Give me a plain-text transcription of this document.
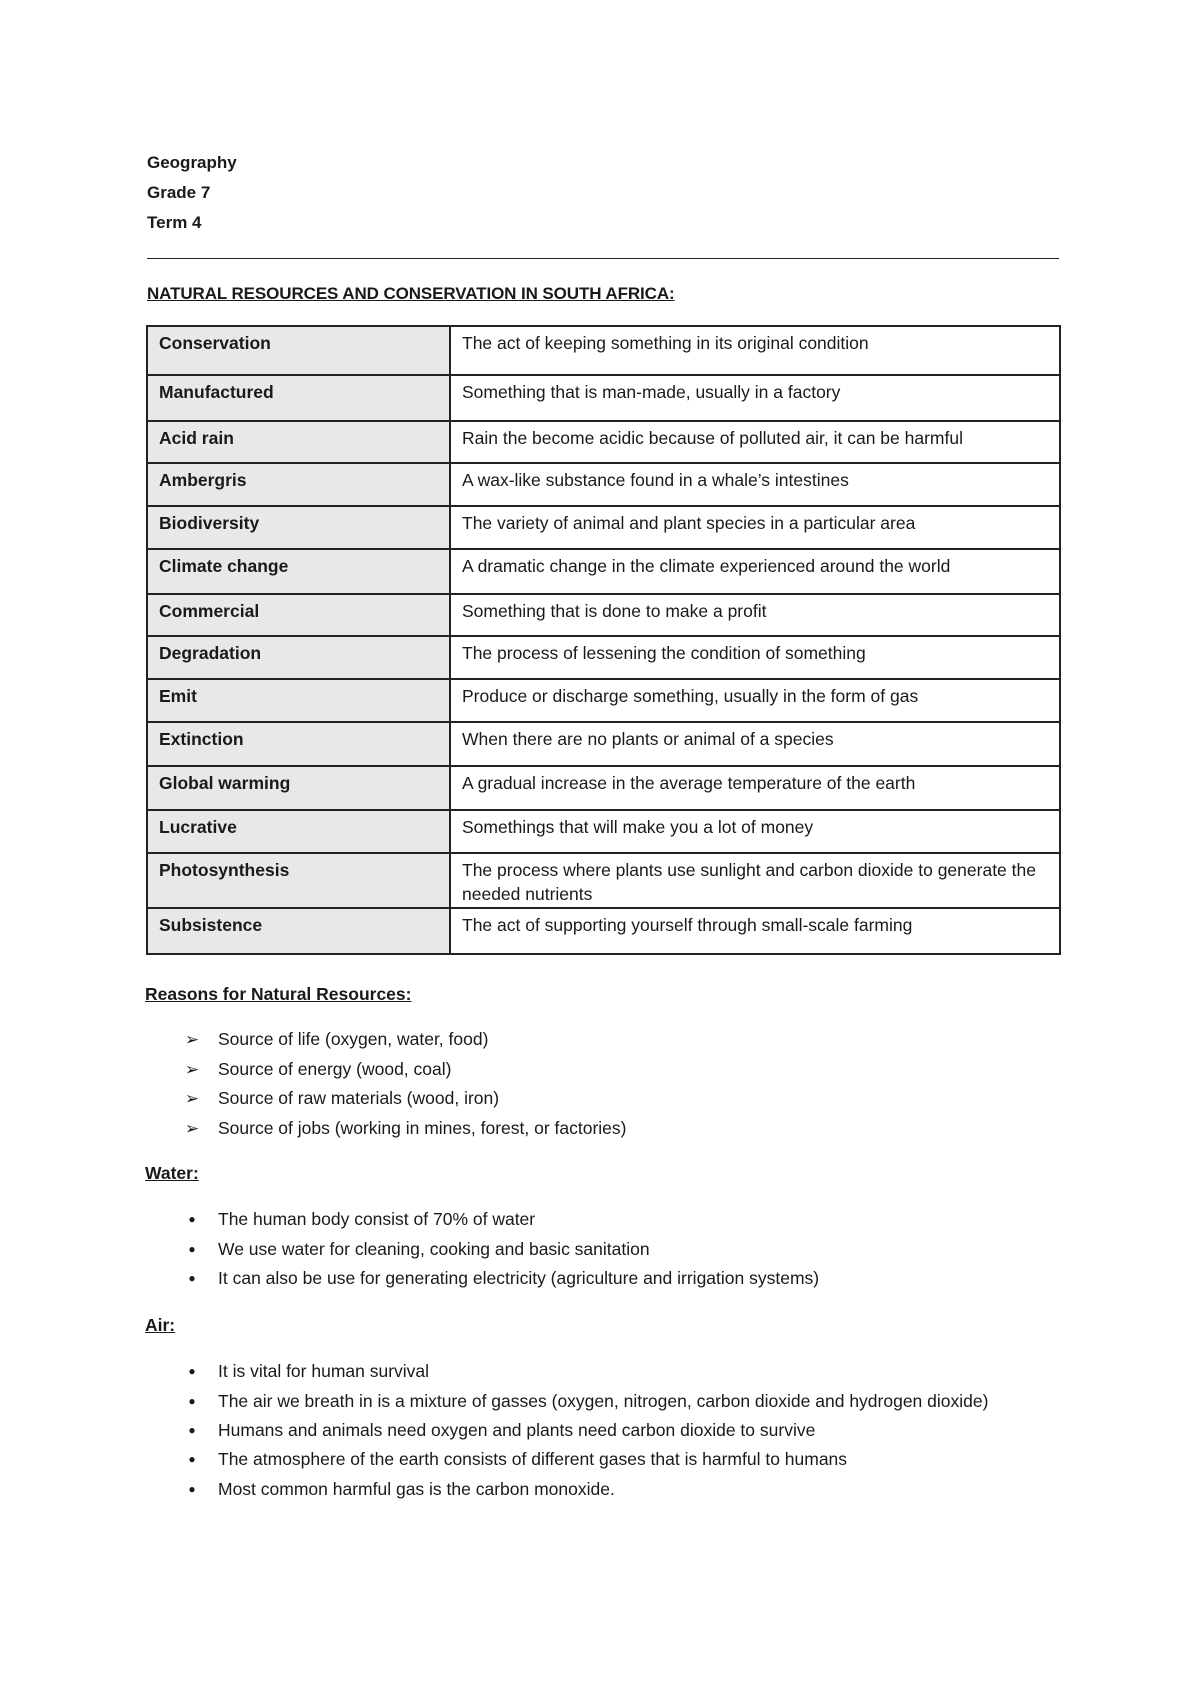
Geography
Grade 7
Term 4
NATURAL RESOURCES AND CONSERVATION IN SOUTH AFRICA:
Conservation	The act of keeping something in its original condition
Manufactured	Something that is man-made, usually in a factory
Acid rain	Rain the become acidic because of polluted air, it can be harmful
Ambergris	A wax-like substance found in a whale’s intestines
Biodiversity	The variety of animal and plant species in a particular area
Climate change	A dramatic change in the climate experienced around the world
Commercial	Something that is done to make a profit
Degradation	The process of lessening the condition of something
Emit	Produce or discharge something, usually in the form of gas
Extinction	When there are no plants or animal of a species
Global warming	A gradual increase in the average temperature of the earth
Lucrative	Somethings that will make you a lot of money
Photosynthesis	The process where plants use sunlight and carbon dioxide to generate the needed nutrients
Subsistence	The act of supporting yourself through small-scale farming
Reasons for Natural Resources:
➢ Source of life (oxygen, water, food)
➢ Source of energy (wood, coal)
➢ Source of raw materials (wood, iron)
➢ Source of jobs (working in mines, forest, or factories)
Water:
●	The human body consist of 70% of water
●	We use water for cleaning, cooking and basic sanitation
●	It can also be use for generating electricity (agriculture and irrigation systems)
Air:
●	It is vital for human survival
●	The air we breath in is a mixture of gasses (oxygen, nitrogen, carbon dioxide and hydrogen dioxide)
●	Humans and animals need oxygen and plants need carbon dioxide to survive
●	The atmosphere of the earth consists of different gases that is harmful to humans
●	Most common harmful gas is the carbon monoxide.
